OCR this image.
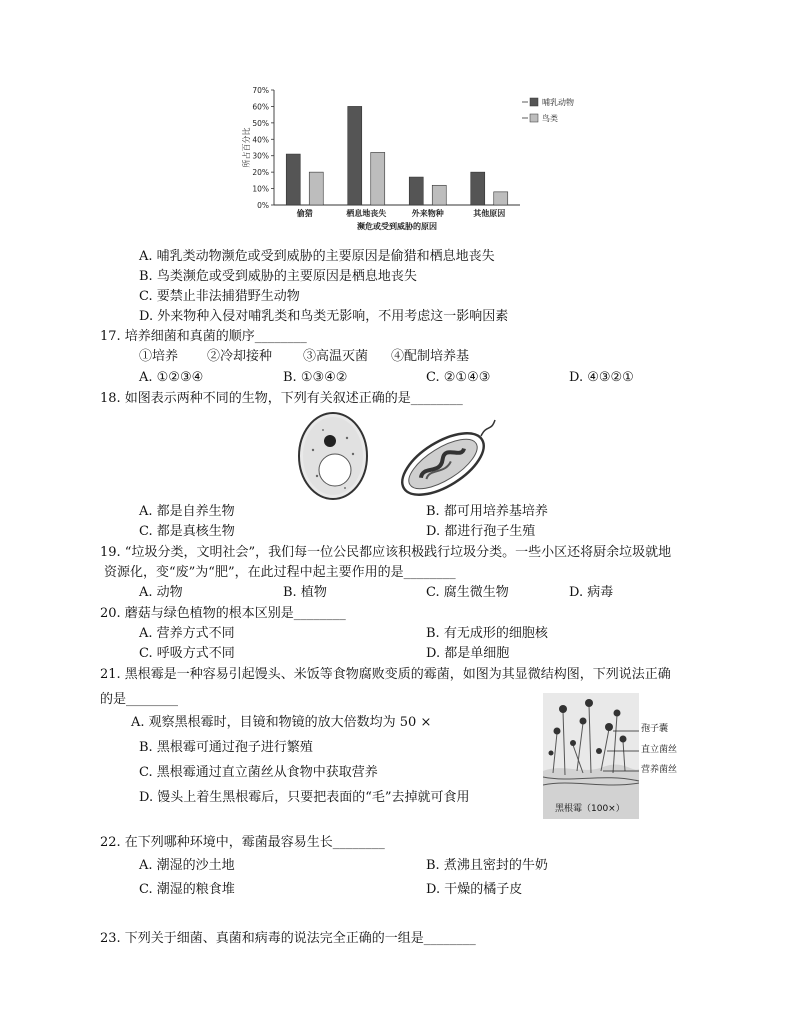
0%
10%
20%
30%
40%
50%
60%
70%
所占百分比
偷猎	栖息地丧失	外来物种	其他原因
濒危或受到威胁的原因
哺乳动物
鸟类
A. 哺乳类动物濒危或受到威胁的主要原因是偷猎和栖息地丧失
B. 鸟类濒危或受到威胁的主要原因是栖息地丧失
C. 要禁止非法捕猎野生动物
D. 外来物种入侵对哺乳类和鸟类无影响，不用考虑这一影响因素
17. 培养细菌和真菌的顺序________
①培养 ②冷却接种 ③高温灭菌 ④配制培养基
A. ①②③④	B. ①③④②	C. ②①④③	D. ④③②①
18. 如图表示两种不同的生物，下列有关叙述正确的是________
A. 都是自养生物	B. 都可用培养基培养
C. 都是真核生物	D. 都进行孢子生殖
19. “垃圾分类，文明社会”，我们每一位公民都应该积极践行垃圾分类。一些小区还将厨余垃圾就地
资源化，变“废”为“肥”，在此过程中起主要作用的是________
A. 动物	B. 植物	C. 腐生微生物	D. 病毒
20. 蘑菇与绿色植物的根本区别是________
A. 营养方式不同	B. 有无成形的细胞核
C. 呼吸方式不同	D. 都是单细胞
21. 黑根霉是一种容易引起馒头、米饭等食物腐败变质的霉菌，如图为其显微结构图，下列说法正确
的是________
A. 观察黑根霉时，目镜和物镜的放大倍数均为 50 ×
B. 黑根霉可通过孢子进行繁殖
C. 黑根霉通过直立菌丝从食物中获取营养
D. 馒头上着生黑根霉后，只要把表面的“毛”去掉就可食用
黑根霉（100×）
孢子囊
直立菌丝
营养菌丝
22. 在下列哪种环境中，霉菌最容易生长________
A. 潮湿的沙土地	B. 煮沸且密封的牛奶
C. 潮湿的粮食堆	D. 干燥的橘子皮
23. 下列关于细菌、真菌和病毒的说法完全正确的一组是________
